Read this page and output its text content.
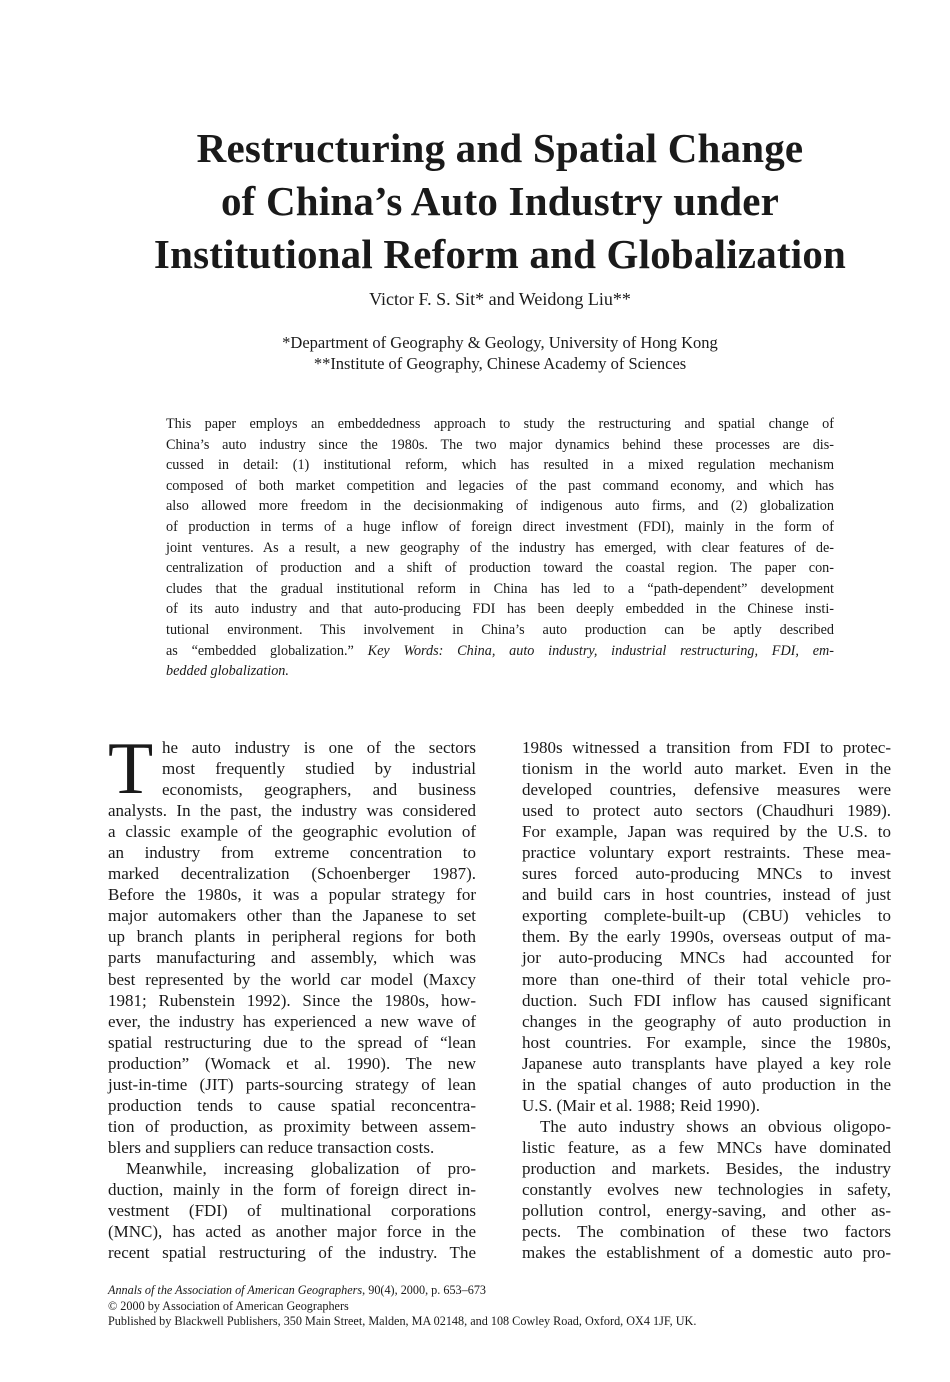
Restructuring and Spatial Change
of China’s Auto Industry under
Institutional Reform and Globalization
Victor F. S. Sit* and Weidong Liu**
*Department of Geography & Geology, University of Hong Kong
**Institute of Geography, Chinese Academy of Sciences
This paper employs an embeddedness approach to study the restructuring and spatial change of
China’s auto industry since the 1980s. The two major dynamics behind these processes are dis-
cussed in detail: (1) institutional reform, which has resulted in a mixed regulation mechanism
composed of both market competition and legacies of the past command economy, and which has
also allowed more freedom in the decisionmaking of indigenous auto firms, and (2) globalization
of production in terms of a huge inflow of foreign direct investment (FDI), mainly in the form of
joint ventures. As a result, a new geography of the industry has emerged, with clear features of de-
centralization of production and a shift of production toward the coastal region. The paper con-
cludes that the gradual institutional reform in China has led to a “path-dependent” development
of its auto industry and that auto-producing FDI has been deeply embedded in the Chinese insti-
tutional environment. This involvement in China’s auto production can be aptly described
as “embedded globalization.” Key Words: China, auto industry, industrial restructuring, FDI, em-
bedded globalization.
T he auto industry is one of the sectors
most frequently studied by industrial
economists, geographers, and business
analysts. In the past, the industry was considered
a classic example of the geographic evolution of
an industry from extreme concentration to
marked decentralization (Schoenberger 1987).
Before the 1980s, it was a popular strategy for
major automakers other than the Japanese to set
up branch plants in peripheral regions for both
parts manufacturing and assembly, which was
best represented by the world car model (Maxcy
1981; Rubenstein 1992). Since the 1980s, how-
ever, the industry has experienced a new wave of
spatial restructuring due to the spread of “lean
production” (Womack et al. 1990). The new
just-in-time (JIT) parts-sourcing strategy of lean
production tends to cause spatial reconcentra-
tion of production, as proximity between assem-
blers and suppliers can reduce transaction costs.
Meanwhile, increasing globalization of pro-
duction, mainly in the form of foreign direct in-
vestment (FDI) of multinational corporations
(MNC), has acted as another major force in the
recent spatial restructuring of the industry. The
1980s witnessed a transition from FDI to protec-
tionism in the world auto market. Even in the
developed countries, defensive measures were
used to protect auto sectors (Chaudhuri 1989).
For example, Japan was required by the U.S. to
practice voluntary export restraints. These mea-
sures forced auto-producing MNCs to invest
and build cars in host countries, instead of just
exporting complete-built-up (CBU) vehicles to
them. By the early 1990s, overseas output of ma-
jor auto-producing MNCs had accounted for
more than one-third of their total vehicle pro-
duction. Such FDI inflow has caused significant
changes in the geography of auto production in
host countries. For example, since the 1980s,
Japanese auto transplants have played a key role
in the spatial changes of auto production in the
U.S. (Mair et al. 1988; Reid 1990).
The auto industry shows an obvious oligopo-
listic feature, as a few MNCs have dominated
production and markets. Besides, the industry
constantly evolves new technologies in safety,
pollution control, energy-saving, and other as-
pects. The combination of these two factors
makes the establishment of a domestic auto pro-
Annals of the Association of American Geographers, 90(4), 2000, p. 653–673
© 2000 by Association of American Geographers
Published by Blackwell Publishers, 350 Main Street, Malden, MA 02148, and 108 Cowley Road, Oxford, OX4 1JF, UK.
